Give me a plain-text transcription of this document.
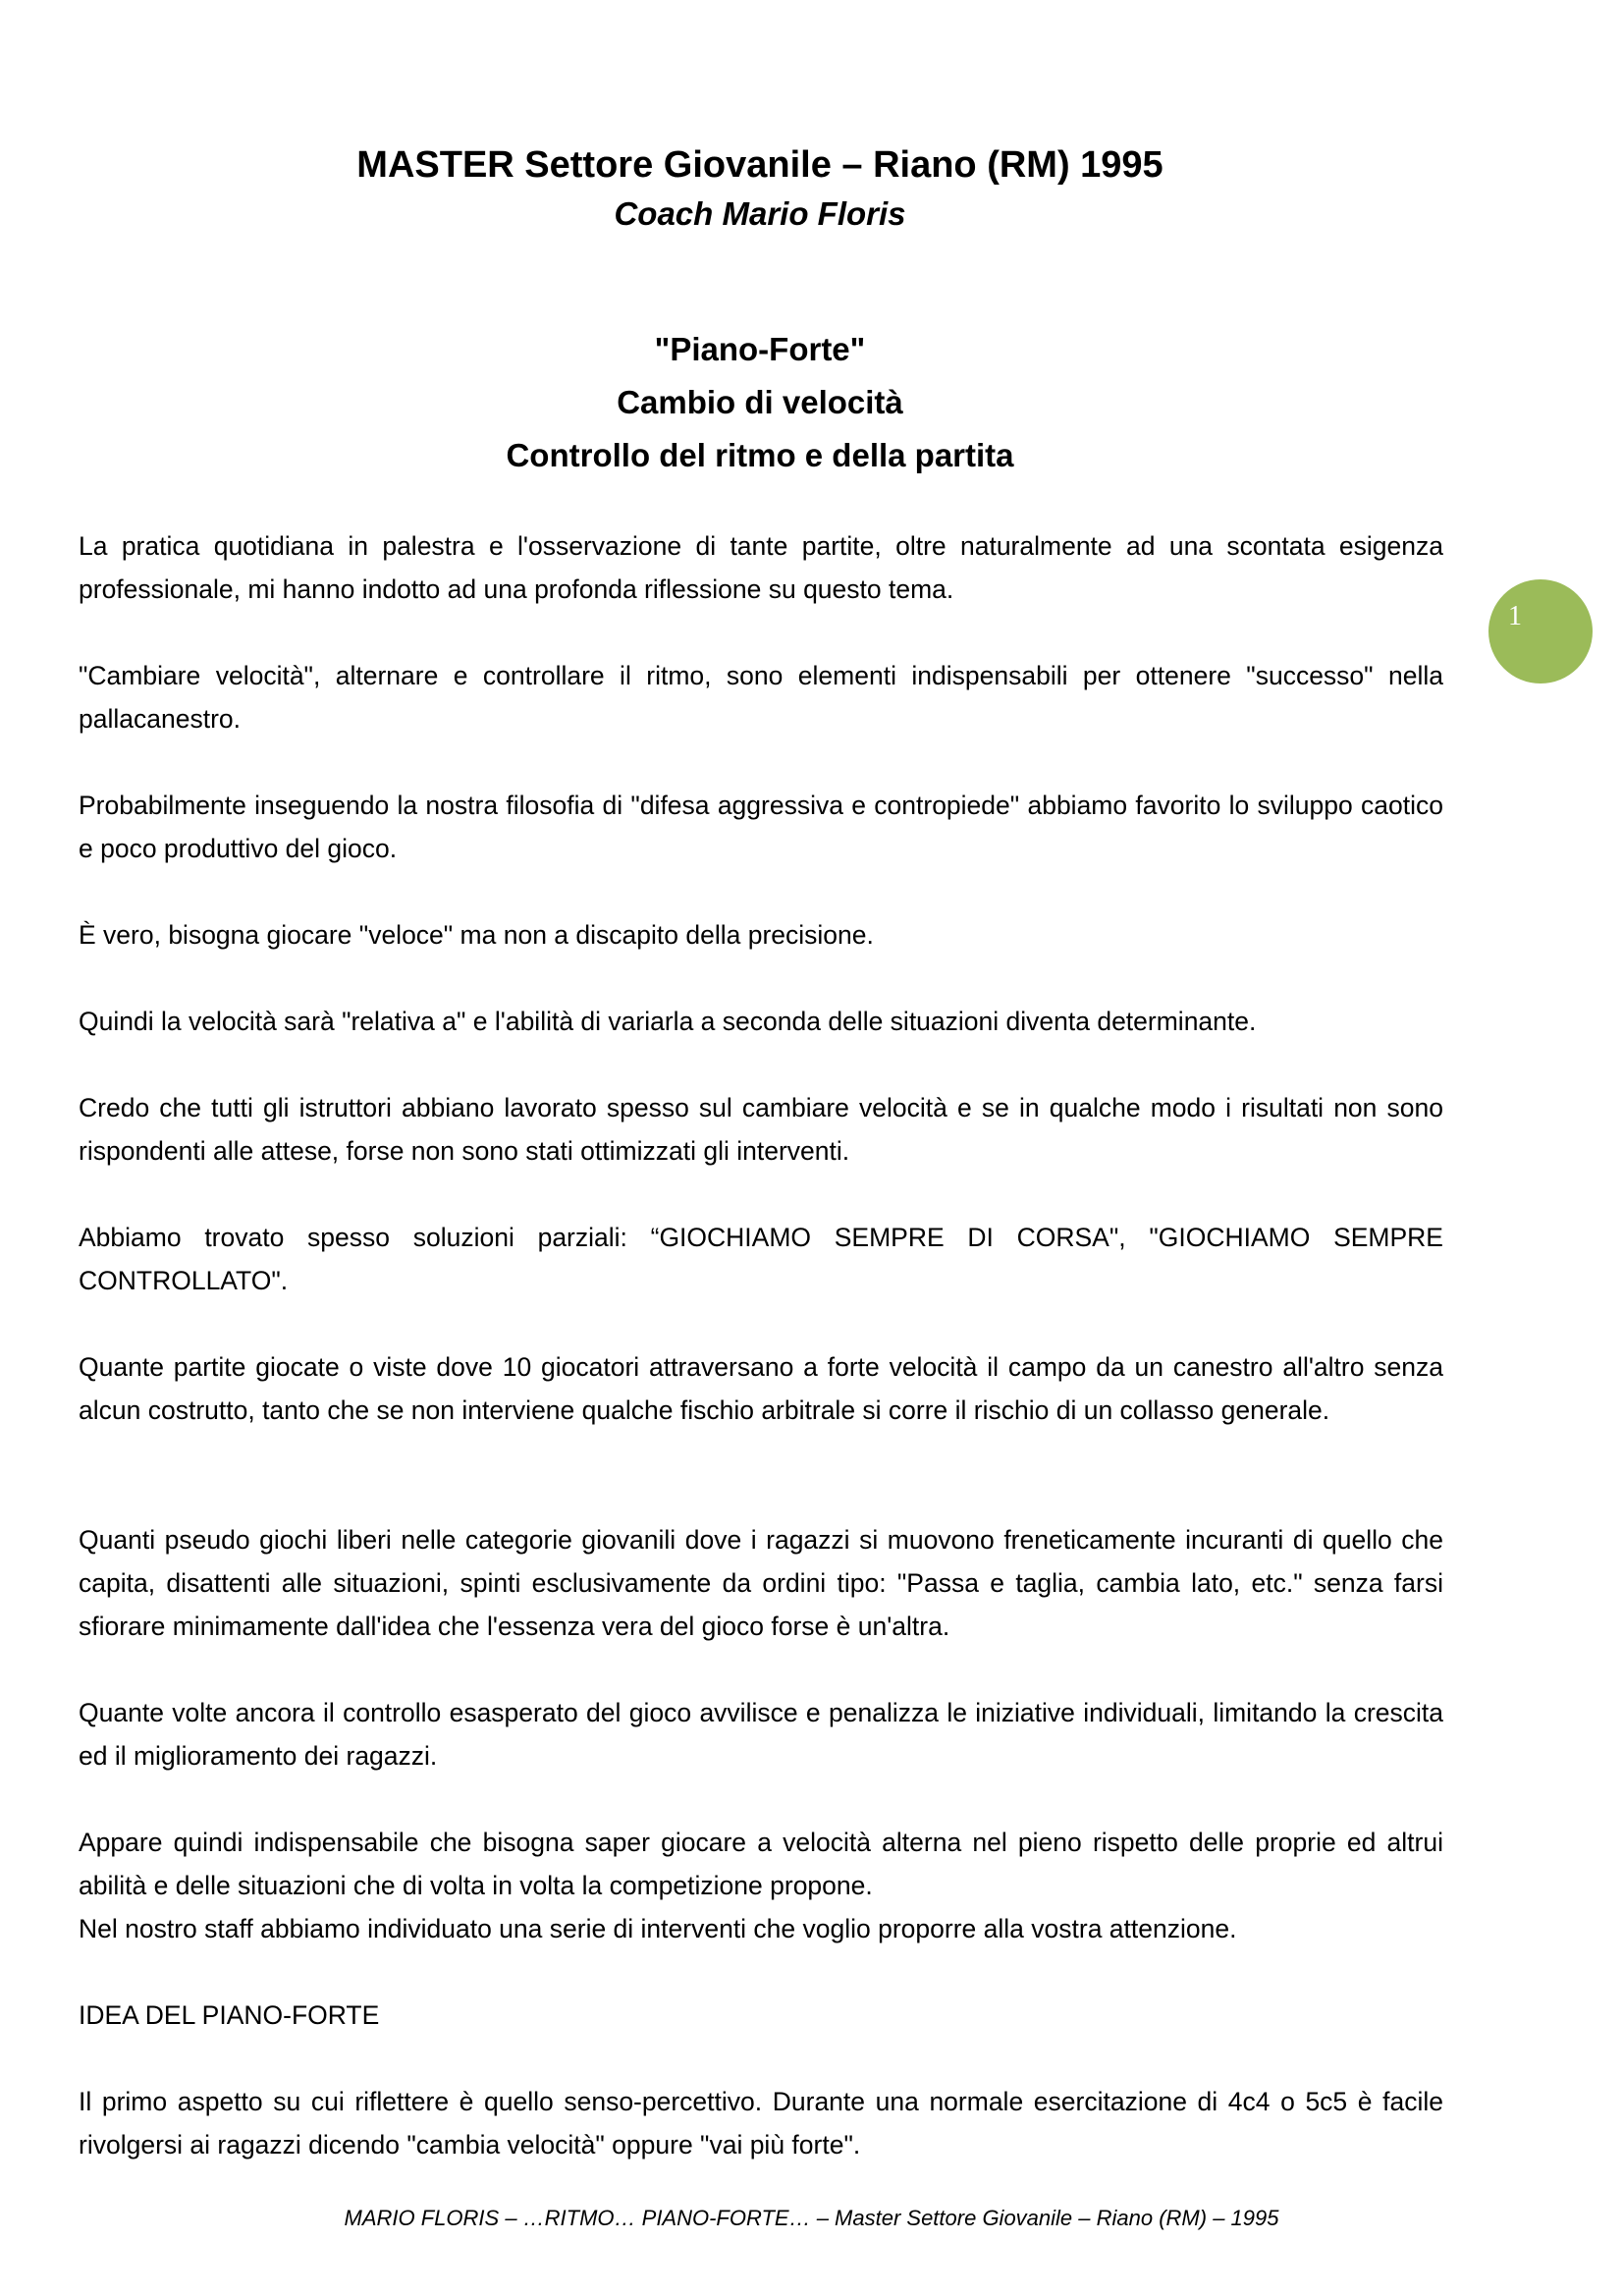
MASTER Settore Giovanile – Riano (RM) 1995
Coach Mario Floris
"Piano-Forte"
Cambio di velocità
Controllo del ritmo e della partita
1

La pratica quotidiana in palestra e l'osservazione di tante partite, oltre naturalmente ad una scontata esigenza professionale, mi hanno indotto ad una profonda riflessione su questo tema.

"Cambiare velocità", alternare e controllare il ritmo, sono elementi indispensabili per ottenere "successo" nella pallacanestro.

Probabilmente inseguendo la nostra filosofia di "difesa aggressiva e contropiede" abbiamo favorito lo sviluppo caotico e poco produttivo del gioco.

È vero, bisogna giocare "veloce" ma non a discapito della precisione.

Quindi la velocità sarà "relativa a" e l'abilità di variarla a seconda delle situazioni diventa determinante.

Credo che tutti gli istruttori abbiano lavorato spesso sul cambiare velocità e se in qualche modo i risultati non sono rispondenti alle attese, forse non sono stati ottimizzati gli interventi.

Abbiamo trovato spesso soluzioni parziali: “GIOCHIAMO SEMPRE DI CORSA", "GIOCHIAMO SEMPRE CONTROLLATO".

Quante partite giocate o viste dove 10 giocatori attraversano a forte velocità il campo da un canestro all'altro senza alcun costrutto, tanto che se non interviene qualche fischio arbitrale si corre il rischio di un collasso generale.

Quanti pseudo giochi liberi nelle categorie giovanili dove i ragazzi si muovono freneticamente incuranti di quello che capita, disattenti alle situazioni, spinti esclusivamente da ordini tipo: "Passa e taglia, cambia lato, etc." senza farsi sfiorare minimamente dall'idea che l'essenza vera del gioco forse è un'altra.

Quante volte ancora il controllo esasperato del gioco avvilisce e penalizza le iniziative individuali, limitando la crescita ed il miglioramento dei ragazzi.

Appare quindi indispensabile che bisogna saper giocare a velocità alterna nel pieno rispetto delle proprie ed altrui abilità e delle situazioni che di volta in volta la competizione propone.

Nel nostro staff abbiamo individuato una serie di interventi che voglio proporre alla vostra attenzione.

IDEA DEL PIANO-FORTE

Il primo aspetto su cui riflettere è quello senso-percettivo. Durante una normale esercitazione di 4c4 o 5c5 è facile rivolgersi ai ragazzi dicendo "cambia velocità" oppure "vai più forte".

MARIO FLORIS – …RITMO… PIANO-FORTE… – Master Settore Giovanile – Riano (RM) – 1995
